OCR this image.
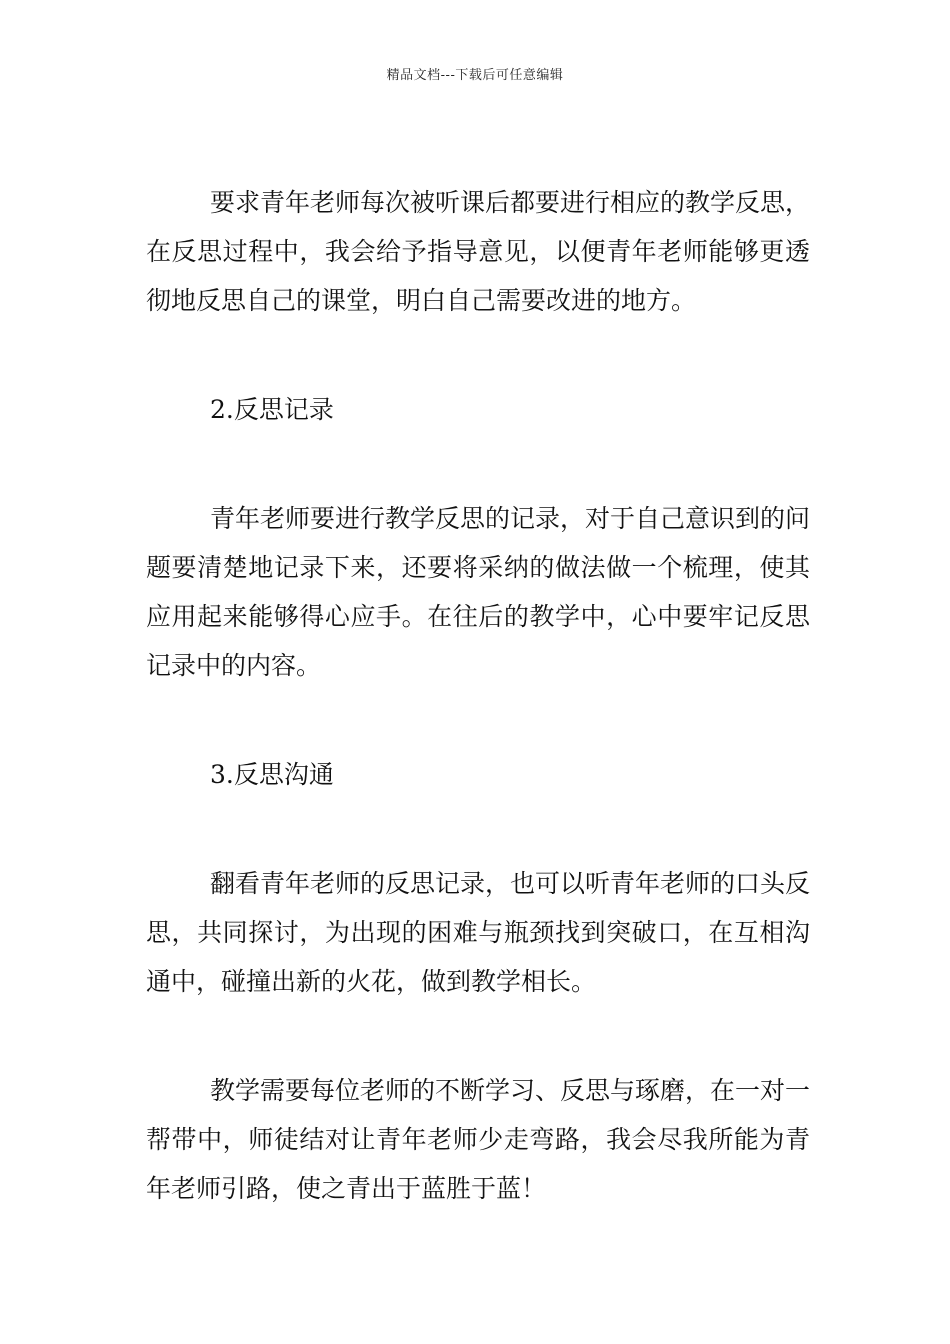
精品文档---下载后可任意编辑

要求青年老师每次被听课后都要进行相应的教学反思，在反思过程中，我会给予指导意见，以便青年老师能够更透彻地反思自己的课堂，明白自己需要改进的地方。

2.反思记录

青年老师要进行教学反思的记录，对于自己意识到的问题要清楚地记录下来，还要将采纳的做法做一个梳理，使其应用起来能够得心应手。在往后的教学中，心中要牢记反思记录中的内容。

3.反思沟通

翻看青年老师的反思记录，也可以听青年老师的口头反思，共同探讨，为出现的困难与瓶颈找到突破口，在互相沟通中，碰撞出新的火花，做到教学相长。

教学需要每位老师的不断学习、反思与琢磨，在一对一帮带中，师徒结对让青年老师少走弯路，我会尽我所能为青年老师引路，使之青出于蓝胜于蓝！
